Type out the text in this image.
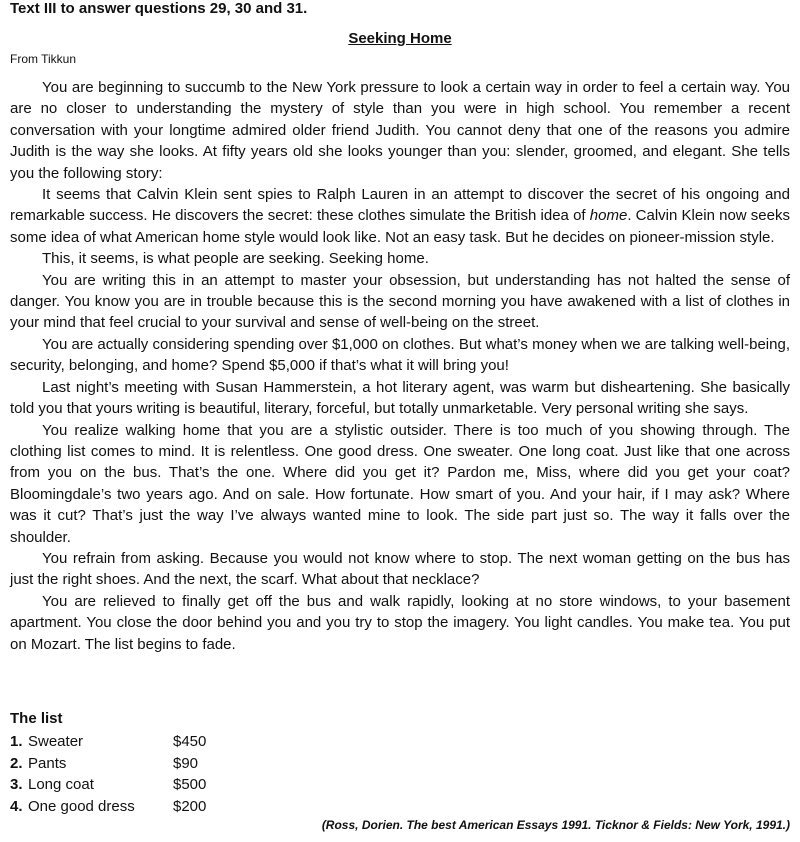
Text III to answer questions 29, 30 and 31.
Seeking Home
From Tikkun

You are beginning to succumb to the New York pressure to look a certain way in order to feel a certain way. You are no closer to understanding the mystery of style than you were in high school. You remember a recent conversation with your longtime admired older friend Judith. You cannot deny that one of the reasons you admire Judith is the way she looks. At fifty years old she looks younger than you: slender, groomed, and elegant. She tells you the following story:

It seems that Calvin Klein sent spies to Ralph Lauren in an attempt to discover the secret of his ongoing and remarkable success. He discovers the secret: these clothes simulate the British idea of home. Calvin Klein now seeks some idea of what American home style would look like. Not an easy task. But he decides on pioneer-mission style.

This, it seems, is what people are seeking. Seeking home.

You are writing this in an attempt to master your obsession, but understanding has not halted the sense of danger. You know you are in trouble because this is the second morning you have awakened with a list of clothes in your mind that feel crucial to your survival and sense of well-being on the street.

You are actually considering spending over $1,000 on clothes. But what’s money when we are talking well-being, security, belonging, and home? Spend $5,000 if that’s what it will bring you!

Last night’s meeting with Susan Hammerstein, a hot literary agent, was warm but disheartening. She basically told you that yours writing is beautiful, literary, forceful, but totally unmarketable. Very personal writing she says.

You realize walking home that you are a stylistic outsider. There is too much of you showing through. The clothing list comes to mind. It is relentless. One good dress. One sweater. One long coat. Just like that one across from you on the bus. That’s the one. Where did you get it? Pardon me, Miss, where did you get your coat? Bloomingdale’s two years ago. And on sale. How fortunate. How smart of you. And your hair, if I may ask? Where was it cut? That’s just the way I’ve always wanted mine to look. The side part just so. The way it falls over the shoulder.

You refrain from asking. Because you would not know where to stop. The next woman getting on the bus has just the right shoes. And the next, the scarf. What about that necklace?

You are relieved to finally get off the bus and walk rapidly, looking at no store windows, to your basement apartment. You close the door behind you and you try to stop the imagery. You light candles. You make tea. You put on Mozart. The list begins to fade.

The list
1. Sweater	$450
2. Pants	$90
3. Long coat	$500
4. One good dress	$200
(Ross, Dorien. The best American Essays 1991. Ticknor & Fields: New York, 1991.)
